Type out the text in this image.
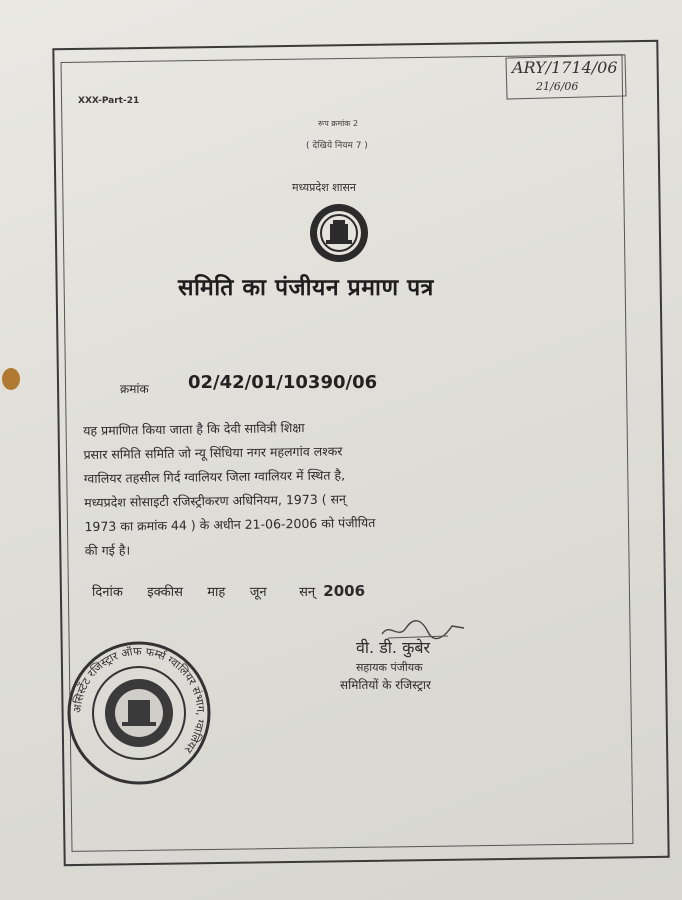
ARY/1714/06
21/6/06
XXX-Part-21
रूप क्रमांक 2
( देखिये नियम 7 )
मध्यप्रदेश शासन
समिति का पंजीयन प्रमाण पत्र
क्रमांक 02/42/01/10390/06
यह प्रमाणित किया जाता है कि देवी सावित्री शिक्षा
प्रसार समिति समिति जो न्यू सिंधिया नगर महलगांव लश्कर
ग्वालियर तहसील गिर्द ग्वालियर जिला ग्वालियर में स्थित है,
मध्यप्रदेश सोसाइटी रजिस्ट्रीकरण अधिनियम, 1973 ( सन्
1973 का क्रमांक 44 ) के अधीन 21-06-2006 को पंजीयित
की गई है।
दिनांक इक्कीस माह जून	सन् 2006
वी. डी. कुबेर
सहायक पंजीयक
समितियों के रजिस्ट्रार
असिस्टेंट रजिस्ट्रार ऑफ फर्म्स ग्वालियर संभाग, ग्वालियर
